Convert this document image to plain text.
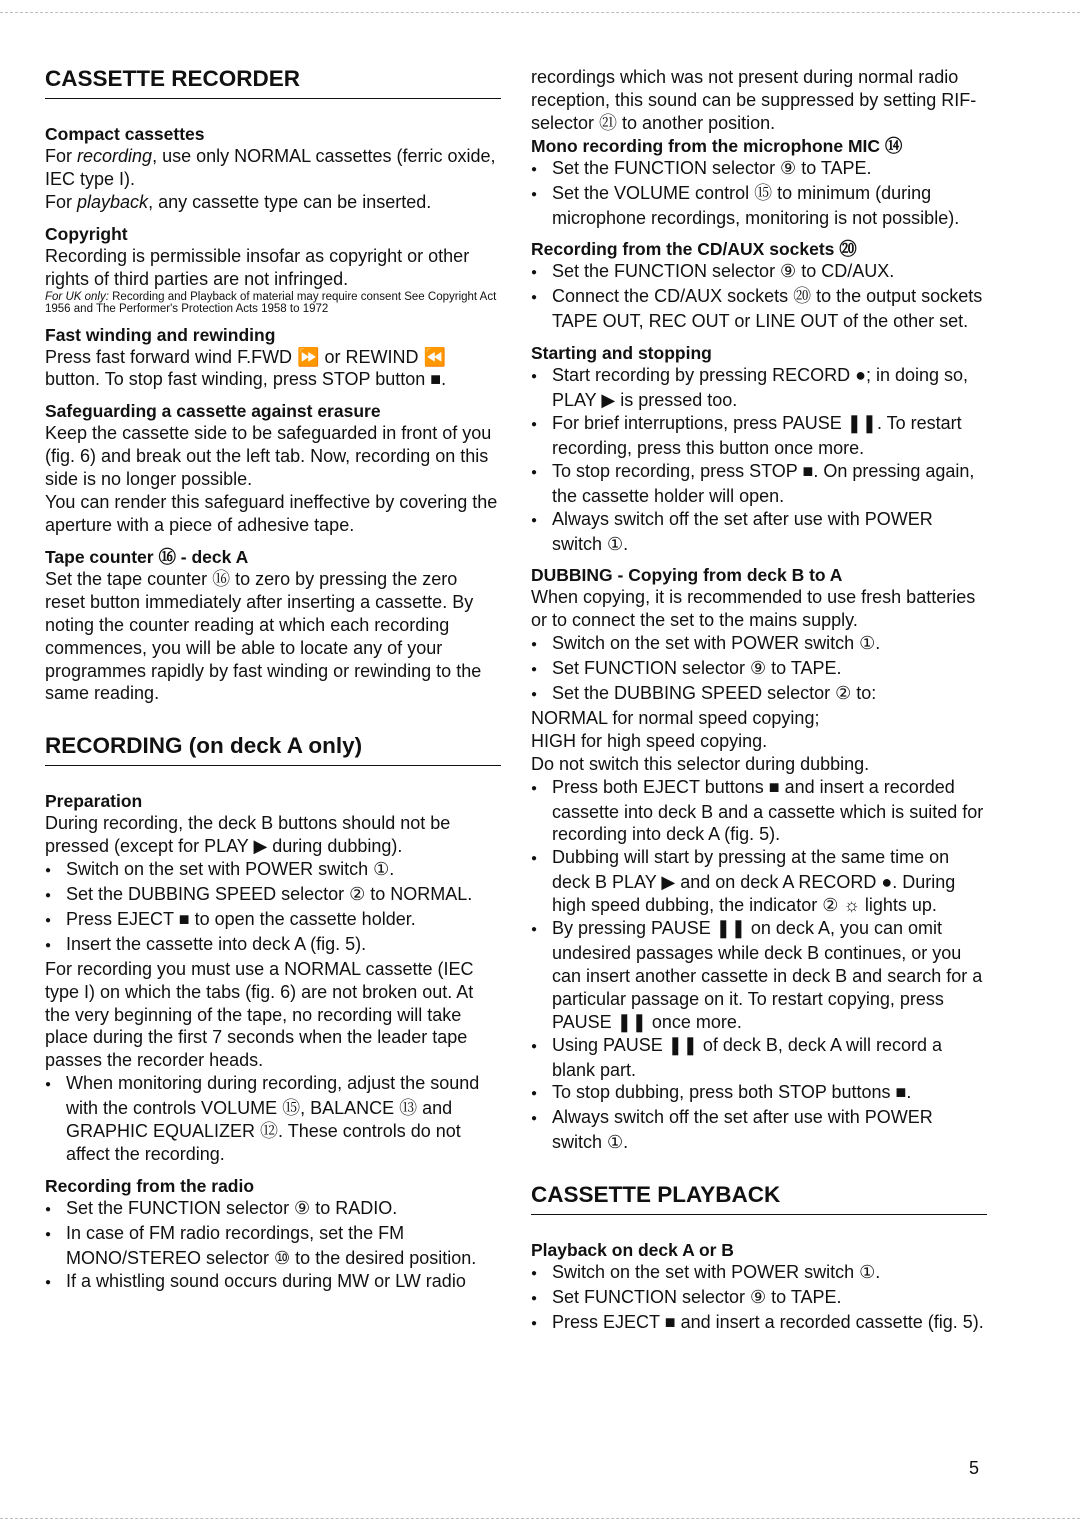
CASSETTE RECORDER
Compact cassettes

For recording, use only NORMAL cassettes (ferric oxide, IEC type I).

For playback, any cassette type can be inserted.

Copyright

Recording is permissible insofar as copyright or other rights of third parties are not infringed.

For UK only: Recording and Playback of material may require consent See Copyright Act 1956 and The Performer's Protection Acts 1958 to 1972

Fast winding and rewinding

Press fast forward wind F.FWD ⏩ or REWIND ⏪ button. To stop fast winding, press STOP button ■.

Safeguarding a cassette against erasure

Keep the cassette side to be safeguarded in front of you (fig. 6) and break out the left tab. Now, recording on this side is no longer possible.

You can render this safeguard ineffective by covering the aperture with a piece of adhesive tape.

Tape counter ⑯ - deck A

Set the tape counter ⑯ to zero by pressing the zero reset button immediately after inserting a cassette. By noting the counter reading at which each recording commences, you will be able to locate any of your programmes rapidly by fast winding or rewinding to the same reading.

RECORDING (on deck A only)
Preparation

During recording, the deck B buttons should not be pressed (except for PLAY ▶ during dubbing).

● Switch on the set with POWER switch ①.

● Set the DUBBING SPEED selector ② to NORMAL.

● Press EJECT ■ to open the cassette holder.

● Insert the cassette into deck A (fig. 5).

For recording you must use a NORMAL cassette (IEC type I) on which the tabs (fig. 6) are not broken out. At the very beginning of the tape, no recording will take place during the first 7 seconds when the leader tape passes the recorder heads.

● When monitoring during recording, adjust the sound with the controls VOLUME ⑮, BALANCE ⑬ and GRAPHIC EQUALIZER ⑫. These controls do not affect the recording.

Recording from the radio

● Set the FUNCTION selector ⑨ to RADIO.

● In case of FM radio recordings, set the FM MONO/STEREO selector ⑩ to the desired position.

● If a whistling sound occurs during MW or LW radio

recordings which was not present during normal radio reception, this sound can be suppressed by setting RIF-selector ㉑ to another position.

Mono recording from the microphone MIC ⑭

● Set the FUNCTION selector ⑨ to TAPE.

● Set the VOLUME control ⑮ to minimum (during microphone recordings, monitoring is not possible).

Recording from the CD/AUX sockets ⑳

● Set the FUNCTION selector ⑨ to CD/AUX.

● Connect the CD/AUX sockets ⑳ to the output sockets TAPE OUT, REC OUT or LINE OUT of the other set.

Starting and stopping

● Start recording by pressing RECORD ●; in doing so, PLAY ▶ is pressed too.

● For brief interruptions, press PAUSE ❚❚. To restart recording, press this button once more.

● To stop recording, press STOP ■. On pressing again, the cassette holder will open.

● Always switch off the set after use with POWER switch ①.

DUBBING - Copying from deck B to A

When copying, it is recommended to use fresh batteries or to connect the set to the mains supply.

● Switch on the set with POWER switch ①.

● Set FUNCTION selector ⑨ to TAPE.

● Set the DUBBING SPEED selector ② to:

NORMAL for normal speed copying;

HIGH for high speed copying.

Do not switch this selector during dubbing.

● Press both EJECT buttons ■ and insert a recorded cassette into deck B and a cassette which is suited for recording into deck A (fig. 5).

● Dubbing will start by pressing at the same time on deck B PLAY ▶ and on deck A RECORD ●. During high speed dubbing, the indicator ② ☼ lights up.

● By pressing PAUSE ❚❚ on deck A, you can omit undesired passages while deck B continues, or you can insert another cassette in deck B and search for a particular passage on it. To restart copying, press PAUSE ❚❚ once more.

● Using PAUSE ❚❚ of deck B, deck A will record a blank part.

● To stop dubbing, press both STOP buttons ■.

● Always switch off the set after use with POWER switch ①.

CASSETTE PLAYBACK
Playback on deck A or B

● Switch on the set with POWER switch ①.

● Set FUNCTION selector ⑨ to TAPE.

● Press EJECT ■ and insert a recorded cassette (fig. 5).

5
